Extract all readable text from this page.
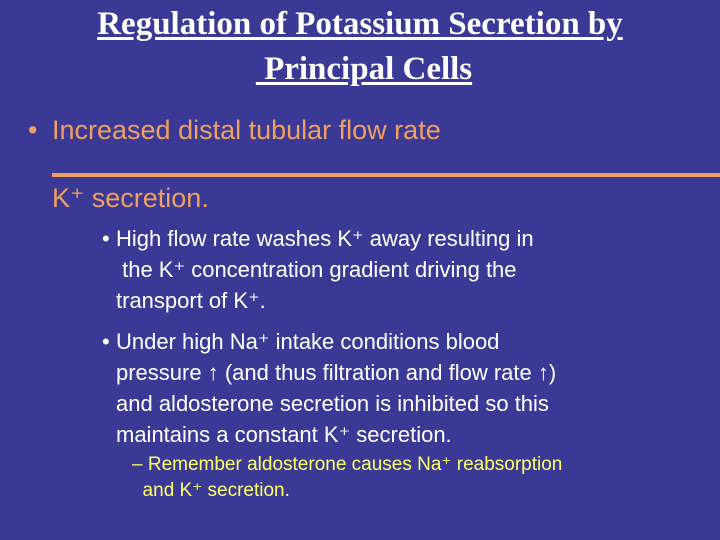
Regulation of Potassium Secretion by
Principal Cells
• Increased distal tubular flow rate
K⁺ secretion.
• High flow rate washes K⁺ away resulting in
the K⁺ concentration gradient driving the
transport of K⁺.
• Under high Na⁺ intake conditions blood
pressure ↑ (and thus filtration and flow rate ↑)
and aldosterone secretion is inhibited so this
maintains a constant K⁺ secretion.
– Remember aldosterone causes Na⁺ reabsorption
and K⁺ secretion.
